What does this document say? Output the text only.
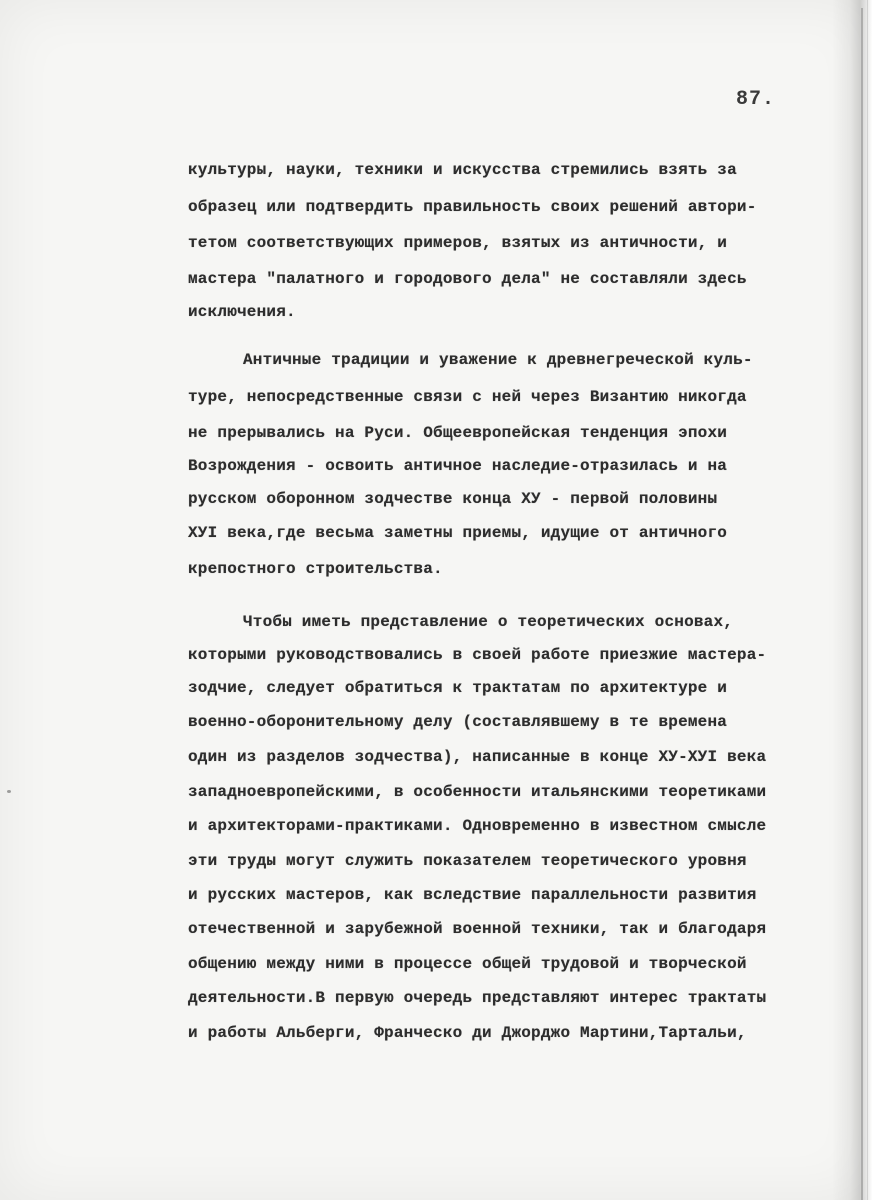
87.
культуры, науки, техники и искусства стремились взять за
образец или подтвердить правильность своих решений автори-
тетом соответствующих примеров, взятых из античности, и
мастера "палатного и городового дела" не составляли здесь
исключения.
Античные традиции и уважение к древнегреческой куль-
туре, непосредственные связи с ней через Византию никогда
не прерывались на Руси. Общеевропейская тенденция эпохи
Возрождения - освоить античное наследие-отразилась и на
русском оборонном зодчестве конца ХУ - первой половины
ХУI века,где весьма заметны приемы, идущие от античного
крепостного строительства.
Чтобы иметь представление о теоретических основах,
которыми руководствовались в своей работе приезжие мастера-
зодчие, следует обратиться к трактатам по архитектуре и
военно-оборонительному делу (составлявшему в те времена
один из разделов зодчества), написанные в конце ХУ-ХУI века
западноевропейскими, в особенности итальянскими теоретиками
и архитекторами-практиками. Одновременно в известном смысле
эти труды могут служить показателем теоретического уровня
и русских мастеров, как вследствие параллельности развития
отечественной и зарубежной военной техники, так и благодаря
общению между ними в процессе общей трудовой и творческой
деятельности.В первую очередь представляют интерес трактаты
и работы Альберги, Франческо ди Джорджо Мартини,Тартальи,
